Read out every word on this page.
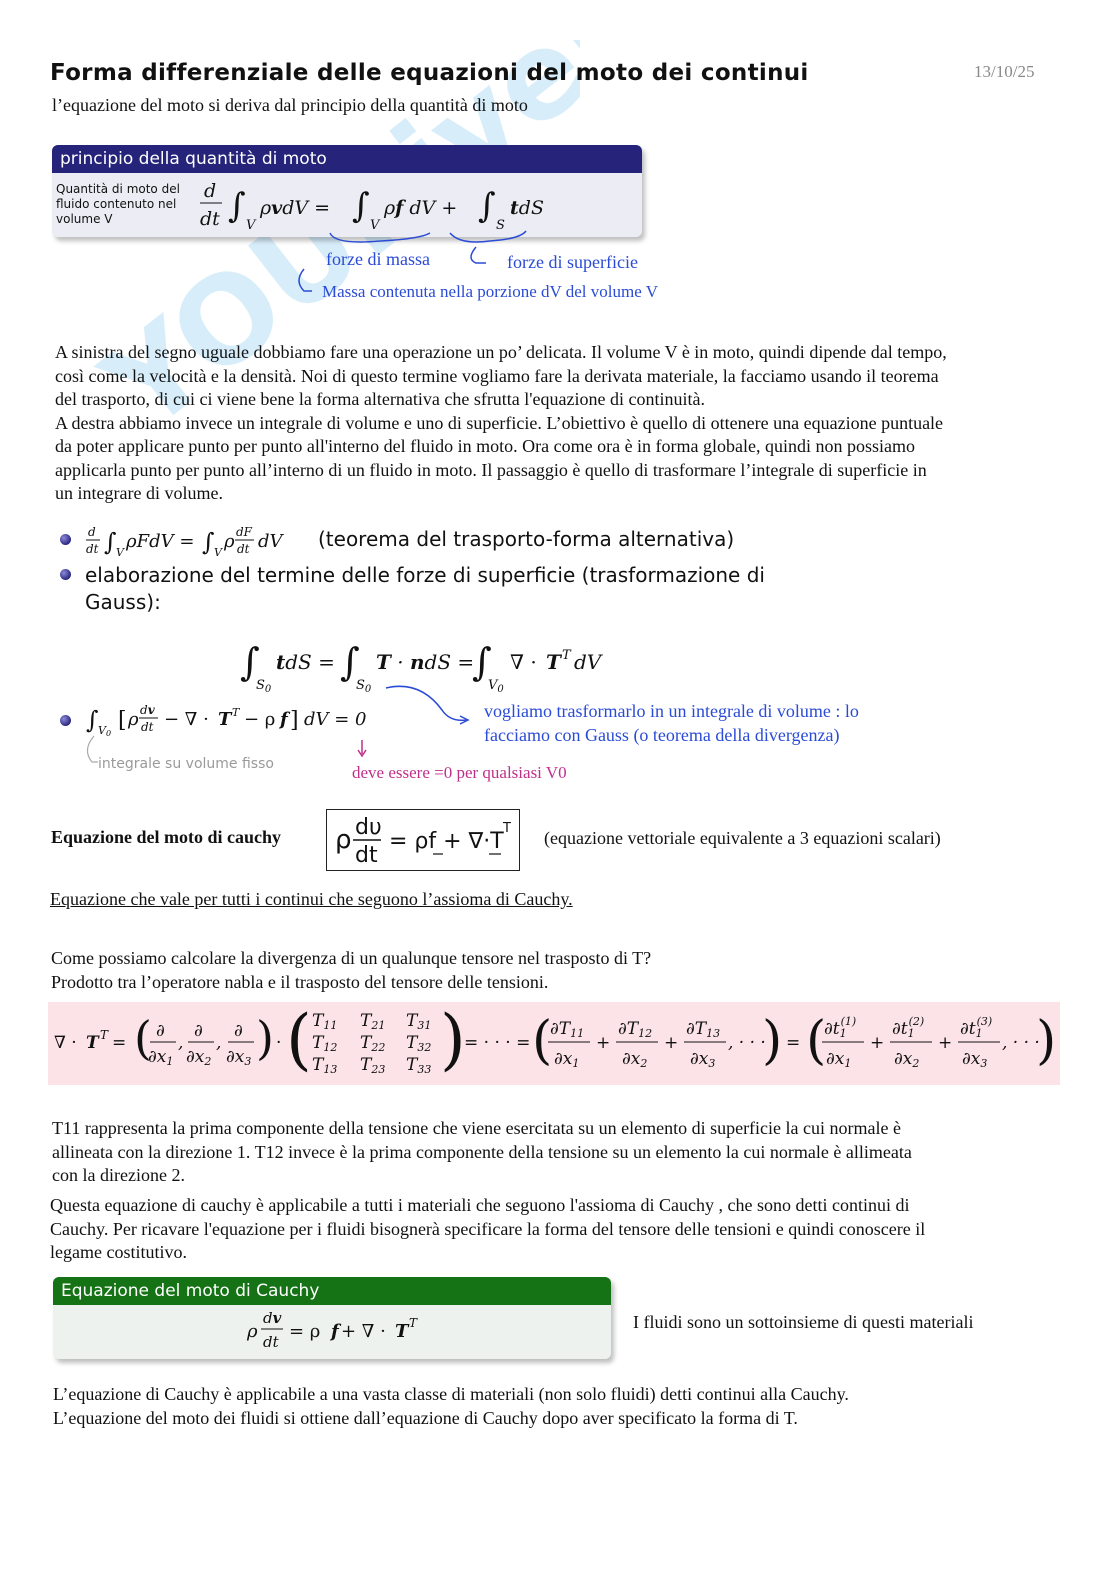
Forma differenziale delle equazioni del moto dei continui	13/10/25
l’equazione del moto si deriva dal principio della quantità di moto
principio della quantità di moto
Quantità di moto del
fluido contenuto nel
volume V
d
dt ∫ V
ρvdV = ∫ V
ρf dV + ∫ S
tdS
forze di massa	forze di superficie
Massa contenuta nella porzione dV del volume V
A sinistra del segno uguale dobbiamo fare una operazione un po’ delicata. Il volume V è in moto, quindi dipende dal tempo,
così come la velocità e la densità. Noi di questo termine vogliamo fare la derivata materiale, la facciamo usando il teorema
del trasporto, di cui ci viene bene la forma alternativa che sfrutta l'equazione di continuità.
A destra abbiamo invece un integrale di volume e uno di superficie. L’obiettivo è quello di ottenere una equazione puntuale
da poter applicare punto per punto all'interno del fluido in moto. Ora come ora è in forma globale, quindi non possiamo
applicarla punto per punto all’interno di un fluido in moto. Il passaggio è quello di trasformare l’integrale di superficie in
un integrare di volume.
d
dt ∫ V
ρFdV = ∫ V
ρ dF
dt dV (teorema del trasporto-forma alternativa)
elaborazione del termine delle forze di superficie (trasformazione di
Gauss):
∫
$S_0$
tdS = ∫
$S_0$
T · ndS =
∫
$V_0$
∇ · T T dV
∫ V0
[ ρ dv
dt − ∇ · T T − ρ f ] dV = 0	vogliamo trasformarlo in un integrale di volume : lo
facciamo con Gauss (o teorema della divergenza)
integrale su volume fisso	deve essere =0 per qualsiasi V0
Equazione del moto di cauchy ρ dυ
dt
= ρf + ∇·T
T (equazione vettoriale equivalente a 3 equazioni scalari)
Equazione che vale per tutti i continui che seguono l’assioma di Cauchy.
Come possiamo calcolare la divergenza di un qualunque tensore nel trasposto di T?
Prodotto tra l’operatore nabla e il trasposto del tensore delle tensioni.
∇ · T T = ( ∂
∂x1
,
∂
∂x2
,
∂
∂x3 ) · ( T11 T21 T31
T12 T22 T32
T13 T23 T33 )
= · · · = (
∂T11
∂x1
+
∂T12
∂x2
+
∂T13
∂x3
, · · ·
) = (
∂t1(1)
∂x1
+
∂t1(2)
∂x2
+
∂t1(3)
∂x3
, · · ·
)
T11 rappresenta la prima componente della tensione che viene esercitata su un elemento di superficie la cui normale è
allineata con la direzione 1. T12 invece è la prima componente della tensione su un elemento la cui normale è allimeata
con la direzione 2.
Questa equazione di cauchy è applicabile a tutti i materiali che seguono l'assioma di Cauchy , che sono detti continui di
Cauchy. Per ricavare l'equazione per i fluidi bisognerà specificare la forma del tensore delle tensioni e quindi conoscere il
legame costitutivo.
Equazione del moto di Cauchy
ρ
dv
dt = ρ f + ∇ · T T	I fluidi sono un sottoinsieme di questi materiali
L’equazione di Cauchy è applicabile a una vasta classe di materiali (non solo fluidi) detti continui alla Cauchy.
L’equazione del moto dei fluidi si ottiene dall’equazione di Cauchy dopo aver specificato la forma di T.
